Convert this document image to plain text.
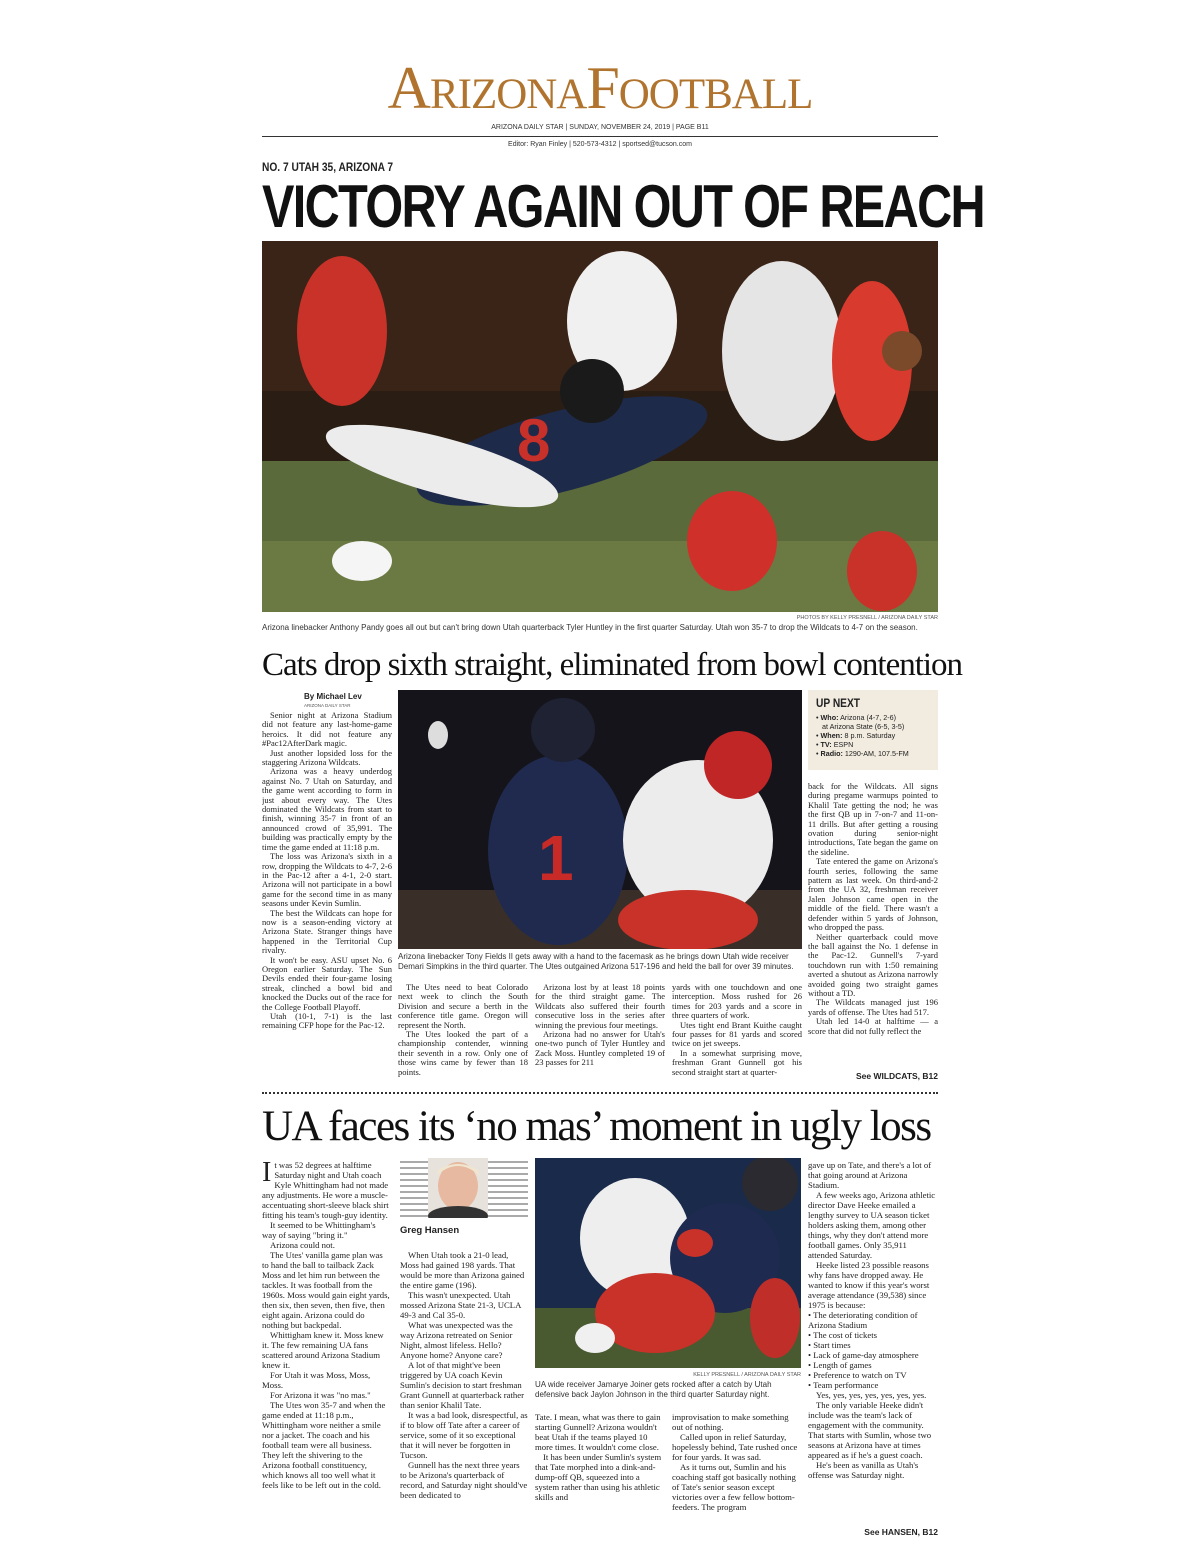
ARIZONAFOOTBALL
ARIZONA DAILY STAR | SUNDAY, NOVEMBER 24, 2019 | PAGE B11
Editor: Ryan Finley | 520-573-4312 | sportsed@tucson.com
NO. 7 UTAH 35, ARIZONA 7
VICTORY AGAIN OUT OF REACH
8
PHOTOS BY KELLY PRESNELL / ARIZONA DAILY STAR
Arizona linebacker Anthony Pandy goes all out but can't bring down Utah quarterback Tyler Huntley in the first quarter Saturday. Utah won 35-7 to drop the Wildcats to 4-7 on the season.
Cats drop sixth straight, eliminated from bowl contention
By Michael Lev
ARIZONA DAILY STAR

Senior night at Arizona Stadium did not feature any last-home-game heroics. It did not feature any #Pac12AfterDark magic.

Just another lopsided loss for the staggering Arizona Wildcats.

Arizona was a heavy underdog against No. 7 Utah on Saturday, and the game went according to form in just about every way. The Utes dominated the Wildcats from start to finish, winning 35-7 in front of an announced crowd of 35,991. The building was practically empty by the time the game ended at 11:18 p.m.

The loss was Arizona's sixth in a row, dropping the Wildcats to 4-7, 2-6 in the Pac-12 after a 4-1, 2-0 start. Arizona will not participate in a bowl game for the second time in as many seasons under Kevin Sumlin.

The best the Wildcats can hope for now is a season-ending victory at Arizona State. Stranger things have happened in the Territorial Cup rivalry.

It won't be easy. ASU upset No. 6 Oregon earlier Saturday. The Sun Devils ended their four-game losing streak, clinched a bowl bid and knocked the Ducks out of the race for the College Football Playoff.

Utah (10-1, 7-1) is the last remaining CFP hope for the Pac-12.

1
Arizona linebacker Tony Fields II gets away with a hand to the facemask as he brings down Utah wide receiver Demari Simpkins in the third quarter. The Utes outgained Arizona 517-196 and held the ball for over 39 minutes.

The Utes need to beat Colorado next week to clinch the South Division and secure a berth in the conference title game. Oregon will represent the North.

The Utes looked the part of a championship contender, winning their seventh in a row. Only one of those wins came by fewer than 18 points.

Arizona lost by at least 18 points for the third straight game. The Wildcats also suffered their fourth consecutive loss in the series after winning the previous four meetings.

Arizona had no answer for Utah's one-two punch of Tyler Huntley and Zack Moss. Huntley completed 19 of 23 passes for 211

yards with one touchdown and one interception. Moss rushed for 26 times for 203 yards and a score in three quarters of work.

Utes tight end Brant Kuithe caught four passes for 81 yards and scored twice on jet sweeps.

In a somewhat surprising move, freshman Grant Gunnell got his second straight start at quarter-

UP NEXT
• Who: Arizona (4-7, 2-6)
at Arizona State (6-5, 3-5)
• When: 8 p.m. Saturday
• TV: ESPN
• Radio: 1290-AM, 107.5-FM

back for the Wildcats. All signs during pregame warmups pointed to Khalil Tate getting the nod; he was the first QB up in 7-on-7 and 11-on-11 drills. But after getting a rousing ovation during senior-night introductions, Tate began the game on the sideline.

Tate entered the game on Arizona's fourth series, following the same pattern as last week. On third-and-2 from the UA 32, freshman receiver Jalen Johnson came open in the middle of the field. There wasn't a defender within 5 yards of Johnson, who dropped the pass.

Neither quarterback could move the ball against the No. 1 defense in the Pac-12. Gunnell's 7-yard touchdown run with 1:50 remaining averted a shutout as Arizona narrowly avoided going two straight games without a TD.

The Wildcats managed just 196 yards of offense. The Utes had 517.

Utah led 14-0 at halftime — a score that did not fully reflect the

See WILDCATS, B12
UA faces its ‘no mas’ moment in ugly loss

It was 52 degrees at halftime Saturday night and Utah coach Kyle Whittingham had not made any adjustments. He wore a muscle-accentuating short-sleeve black shirt fitting his team's tough-guy identity.

It seemed to be Whittingham's way of saying "bring it."

Arizona could not.

The Utes' vanilla game plan was to hand the ball to tailback Zack Moss and let him run between the tackles. It was football from the 1960s. Moss would gain eight yards, then six, then seven, then five, then eight again. Arizona could do nothing but backpedal.

Whittigham knew it. Moss knew it. The few remaining UA fans scattered around Arizona Stadium knew it.

For Utah it was Moss, Moss, Moss.

For Arizona it was "no mas."

The Utes won 35-7 and when the game ended at 11:18 p.m., Whittingham wore neither a smile nor a jacket. The coach and his football team were all business. They left the shivering to the Arizona football constituency, which knows all too well what it feels like to be left out in the cold.

Greg Hansen

When Utah took a 21-0 lead, Moss had gained 198 yards. That would be more than Arizona gained the entire game (196).

This wasn't unexpected. Utah mossed Arizona State 21-3, UCLA 49-3 and Cal 35-0.

What was unexpected was the way Arizona retreated on Senior Night, almost lifeless. Hello? Anyone home? Anyone care?

A lot of that might've been triggered by UA coach Kevin Sumlin's decision to start freshman Grant Gunnell at quarterback rather than senior Khalil Tate.

It was a bad look, disrespectful, as if to blow off Tate after a career of service, some of it so exceptional that it will never be forgotten in Tucson.

Gunnell has the next three years to be Arizona's quarterback of record, and Saturday night should've been dedicated to

KELLY PRESNELL / ARIZONA DAILY STAR
UA wide receiver Jamarye Joiner gets rocked after a catch by Utah defensive back Jaylon Johnson in the third quarter Saturday night.

Tate. I mean, what was there to gain starting Gunnell? Arizona wouldn't beat Utah if the teams played 10 more times. It wouldn't come close.

It has been under Sumlin's system that Tate morphed into a dink-and-dump-off QB, squeezed into a system rather than using his athletic skills and

improvisation to make something out of nothing.

Called upon in relief Saturday, hopelessly behind, Tate rushed once for four yards. It was sad.

As it turns out, Sumlin and his coaching staff got basically nothing of Tate's senior season except victories over a few fellow bottom-feeders. The program

gave up on Tate, and there's a lot of that going around at Arizona Stadium.

A few weeks ago, Arizona athletic director Dave Heeke emailed a lengthy survey to UA season ticket holders asking them, among other things, why they don't attend more football games. Only 35,911 attended Saturday.

Heeke listed 23 possible reasons why fans have dropped away. He wanted to know if this year's worst average attendance (39,538) since 1975 is because:

• The deteriorating condition of Arizona Stadium
• The cost of tickets
• Start times
• Lack of game-day atmosphere
• Length of games
• Preference to watch on TV
• Team performance

Yes, yes, yes, yes, yes, yes, yes.

The only variable Heeke didn't include was the team's lack of engagement with the community. That starts with Sumlin, whose two seasons at Arizona have at times appeared as if he's a guest coach.

He's been as vanilla as Utah's offense was Saturday night.

See HANSEN, B12
